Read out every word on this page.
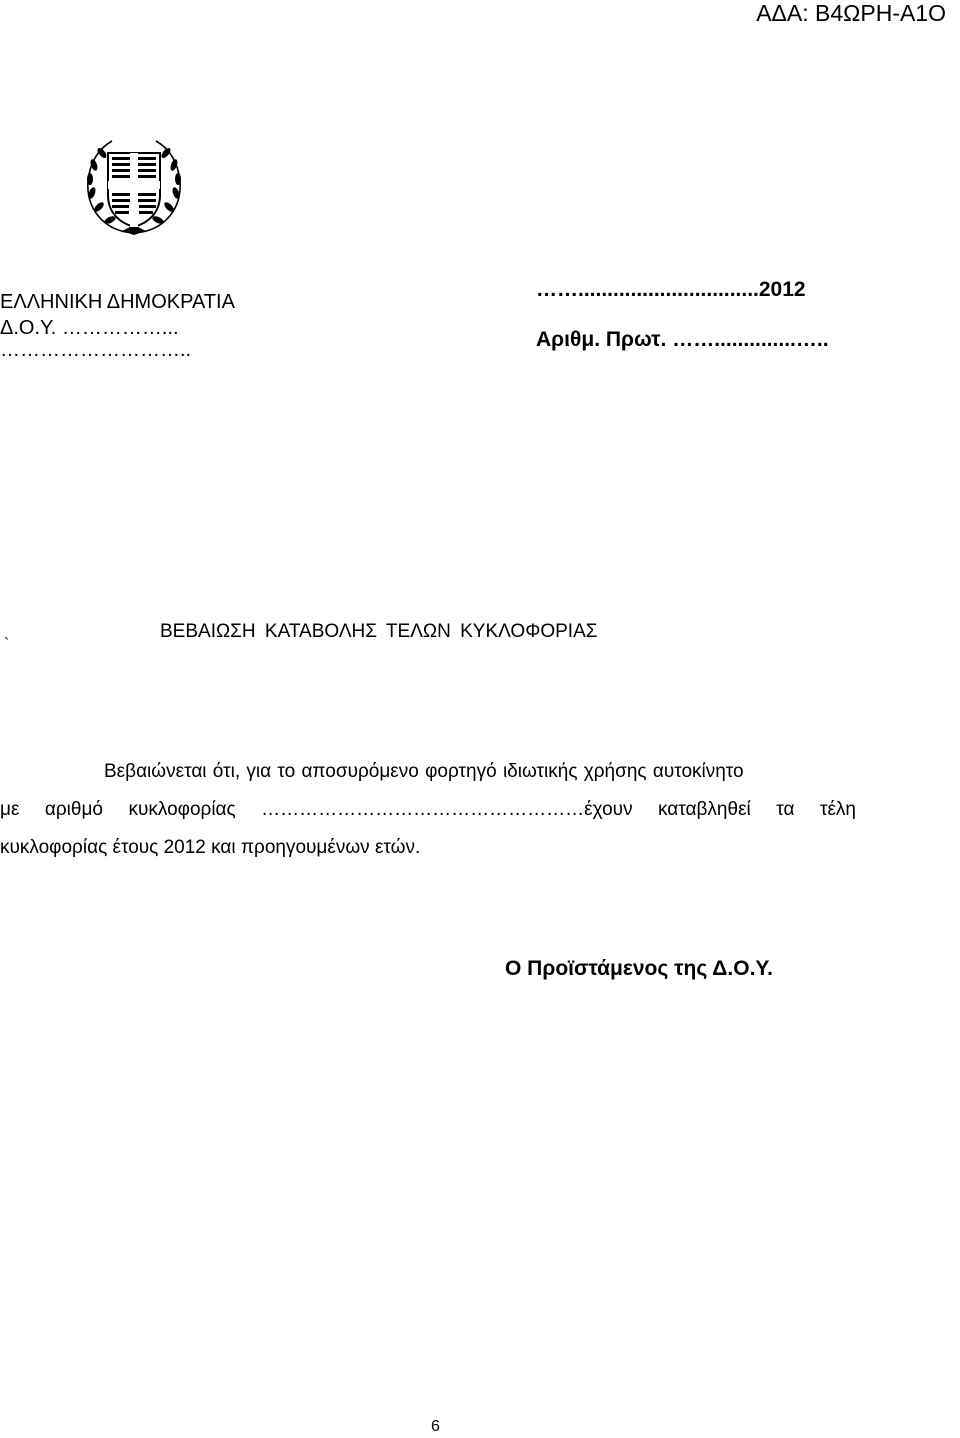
ΑΔΑ: Β4ΩΡΗ-Α1Ο
ΕΛΛΗΝΙΚΗ ΔΗΜΟΚΡΑΤΙΑ
Δ.Ο.Υ. ……………...
………………………..
……...............................2012
Αριθμ. Πρωτ. ……..............…..
`
ΒΕΒΑΙΩΣΗ ΚΑΤΑΒΟΛΗΣ ΤΕΛΩΝ ΚΥΚΛΟΦΟΡΙΑΣ
Βεβαιώνεται ότι, για το αποσυρόμενο φορτηγό ιδιωτικής χρήσης αυτοκίνητο
με αριθμό κυκλοφορίας ……………………………………………έχουν καταβληθεί τα τέλη
κυκλοφορίας έτους 2012 και προηγουμένων ετών.
Ο Προϊστάμενος της Δ.Ο.Υ.
6
